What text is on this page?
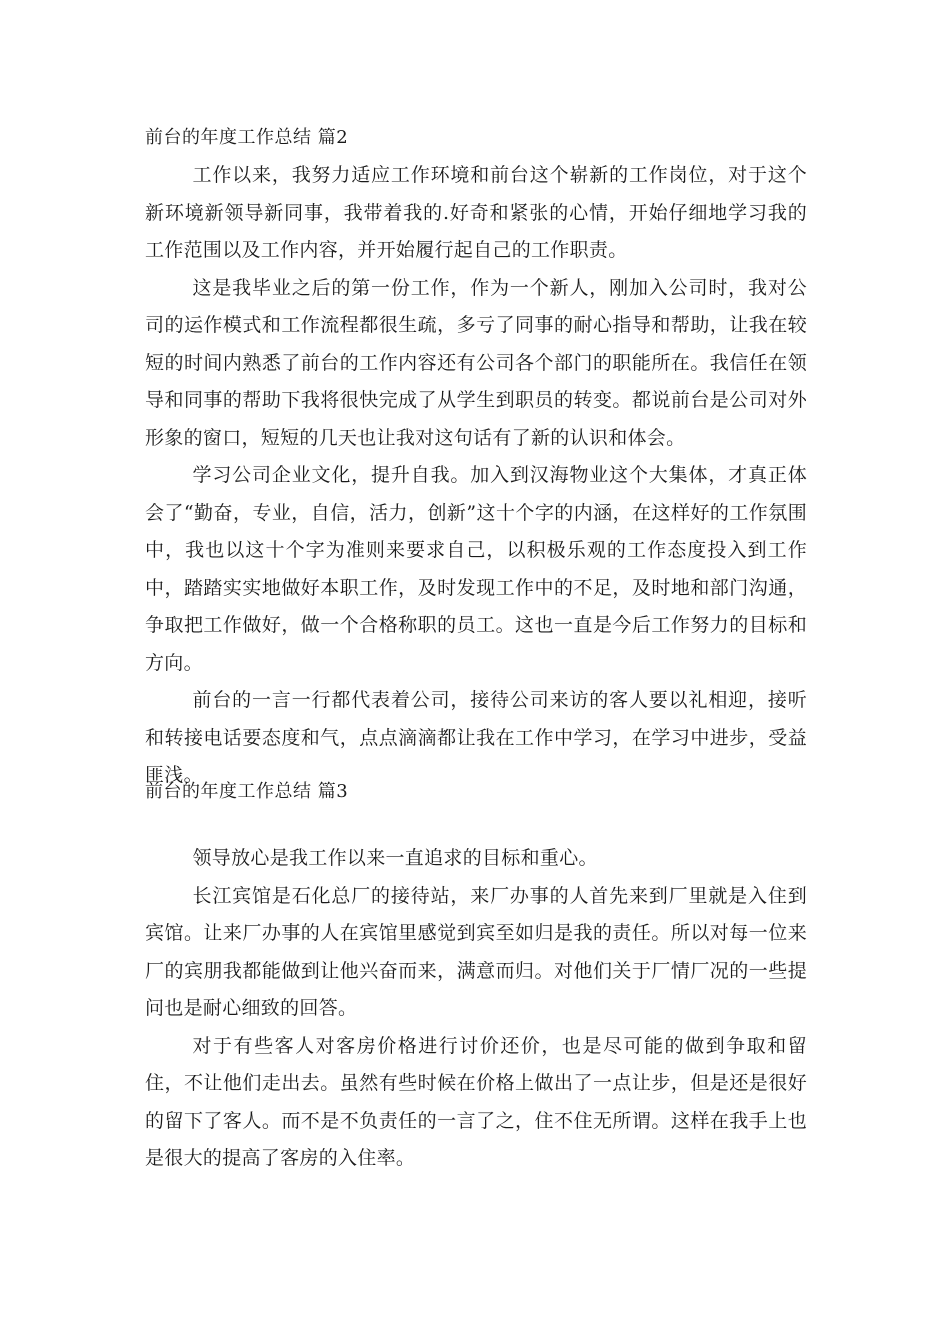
前台的年度工作总结 篇2

工作以来，我努力适应工作环境和前台这个崭新的工作岗位，对于这个新环境新领导新同事，我带着我的.好奇和紧张的心情，开始仔细地学习我的工作范围以及工作内容，并开始履行起自己的工作职责。

这是我毕业之后的第一份工作，作为一个新人，刚加入公司时，我对公司的运作模式和工作流程都很生疏，多亏了同事的耐心指导和帮助，让我在较短的时间内熟悉了前台的工作内容还有公司各个部门的职能所在。我信任在领导和同事的帮助下我将很快完成了从学生到职员的转变。都说前台是公司对外形象的窗口，短短的几天也让我对这句话有了新的认识和体会。

学习公司企业文化，提升自我。加入到汉海物业这个大集体，才真正体会了“勤奋，专业，自信，活力，创新”这十个字的内涵，在这样好的工作氛围中，我也以这十个字为准则来要求自己，以积极乐观的工作态度投入到工作中，踏踏实实地做好本职工作，及时发现工作中的不足，及时地和部门沟通，争取把工作做好，做一个合格称职的员工。这也一直是今后工作努力的目标和方向。

前台的一言一行都代表着公司，接待公司来访的客人要以礼相迎，接听和转接电话要态度和气，点点滴滴都让我在工作中学习，在学习中进步，受益匪浅。

前台的年度工作总结 篇3

领导放心是我工作以来一直追求的目标和重心。

长江宾馆是石化总厂的接待站，来厂办事的人首先来到厂里就是入住到宾馆。让来厂办事的人在宾馆里感觉到宾至如归是我的责任。所以对每一位来厂的宾朋我都能做到让他兴奋而来，满意而归。对他们关于厂情厂况的一些提问也是耐心细致的回答。

对于有些客人对客房价格进行讨价还价，也是尽可能的做到争取和留住，不让他们走出去。虽然有些时候在价格上做出了一点让步，但是还是很好的留下了客人。而不是不负责任的一言了之，住不住无所谓。这样在我手上也是很大的提高了客房的入住率。
